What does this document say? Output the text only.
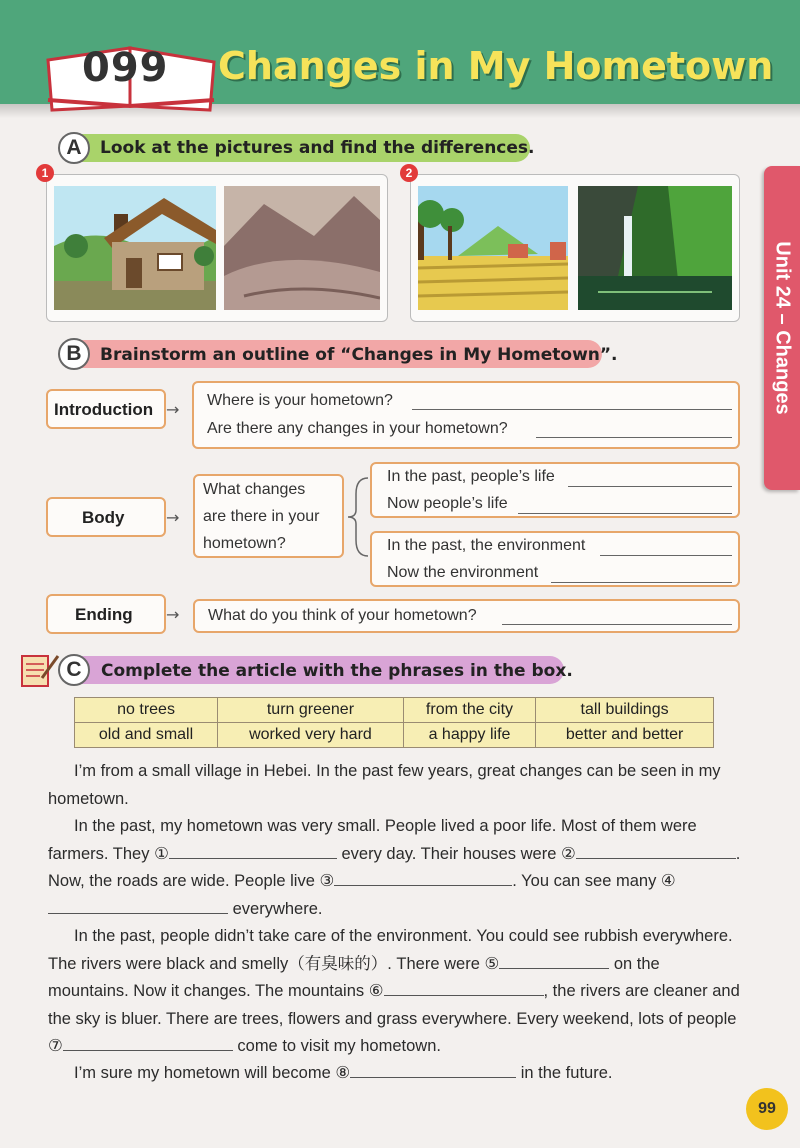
099 Changes in My Hometown
Unit 24 – Changes
A	Look at the pictures and find the differences.
1	2
B	Brainstorm an outline of “Changes in My Hometown”.
Introduction → Where is your hometown?
Are there any changes in your hometown?
Body	→
What changes
are there in your
hometown?
In the past, people’s life
Now people’s life
In the past, the environment
Now the environment
Ending → What do you think of your hometown?
C	Complete the article with the phrases in the box.
no trees	turn greener	from the city	tall buildings
old and small	worked very hard	a happy life	better and better
I’m from a small village in Hebei. In the past few years, great changes can be seen in my hometown.
In the past, my hometown was very small. People lived a poor life. Most of them were farmers. They ①	every day. Their houses were ②	. Now, the roads are wide. People live ③	. You can see many ④ everywhere.
In the past, people didn’t take care of the environment. You could see rubbish everywhere. The rivers were black and smelly（有臭味的）. There were ⑤	on the mountains. Now it changes. The mountains ⑥	, the rivers are cleaner and the sky is bluer. There are trees, flowers and grass everywhere. Every weekend, lots of people ⑦	come to visit my hometown.
I’m sure my hometown will become ⑧	in the future.
99
